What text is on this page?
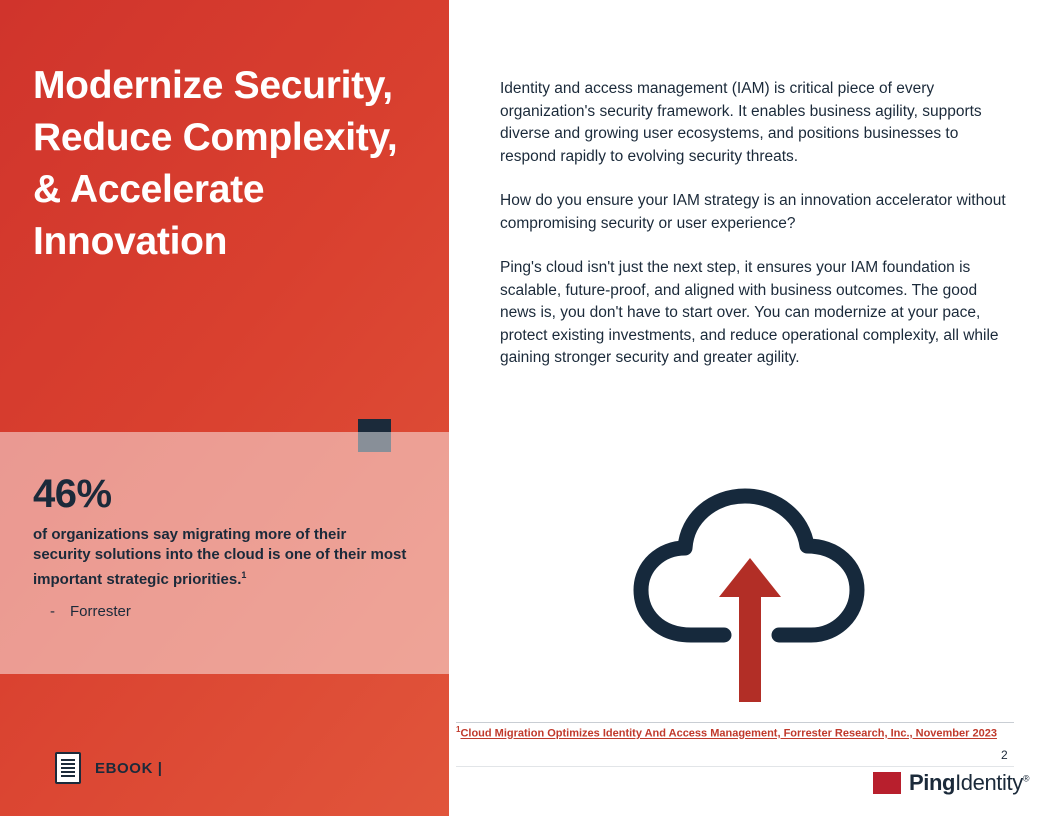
Modernize Security, Reduce Complexity, & Accelerate Innovation

46%

of organizations say migrating more of their security solutions into the cloud is one of their most important strategic priorities.$^1$

- Forrester

EBOOK |

Identity and access management (IAM) is critical piece of every organization's security framework. It enables business agility, supports diverse and growing user ecosystems, and positions businesses to respond rapidly to evolving security threats.

How do you ensure your IAM strategy is an innovation accelerator without compromising security or user experience?

Ping's cloud isn't just the next step, it ensures your IAM foundation is scalable, future-proof, and aligned with business outcomes. The good news is, you don't have to start over. You can modernize at your pace, protect existing investments, and reduce operational complexity, all while gaining stronger security and greater agility.

$^1$Cloud Migration Optimizes Identity And Access Management, Forrester Research, Inc., November 2023

2
PingIdentity®
